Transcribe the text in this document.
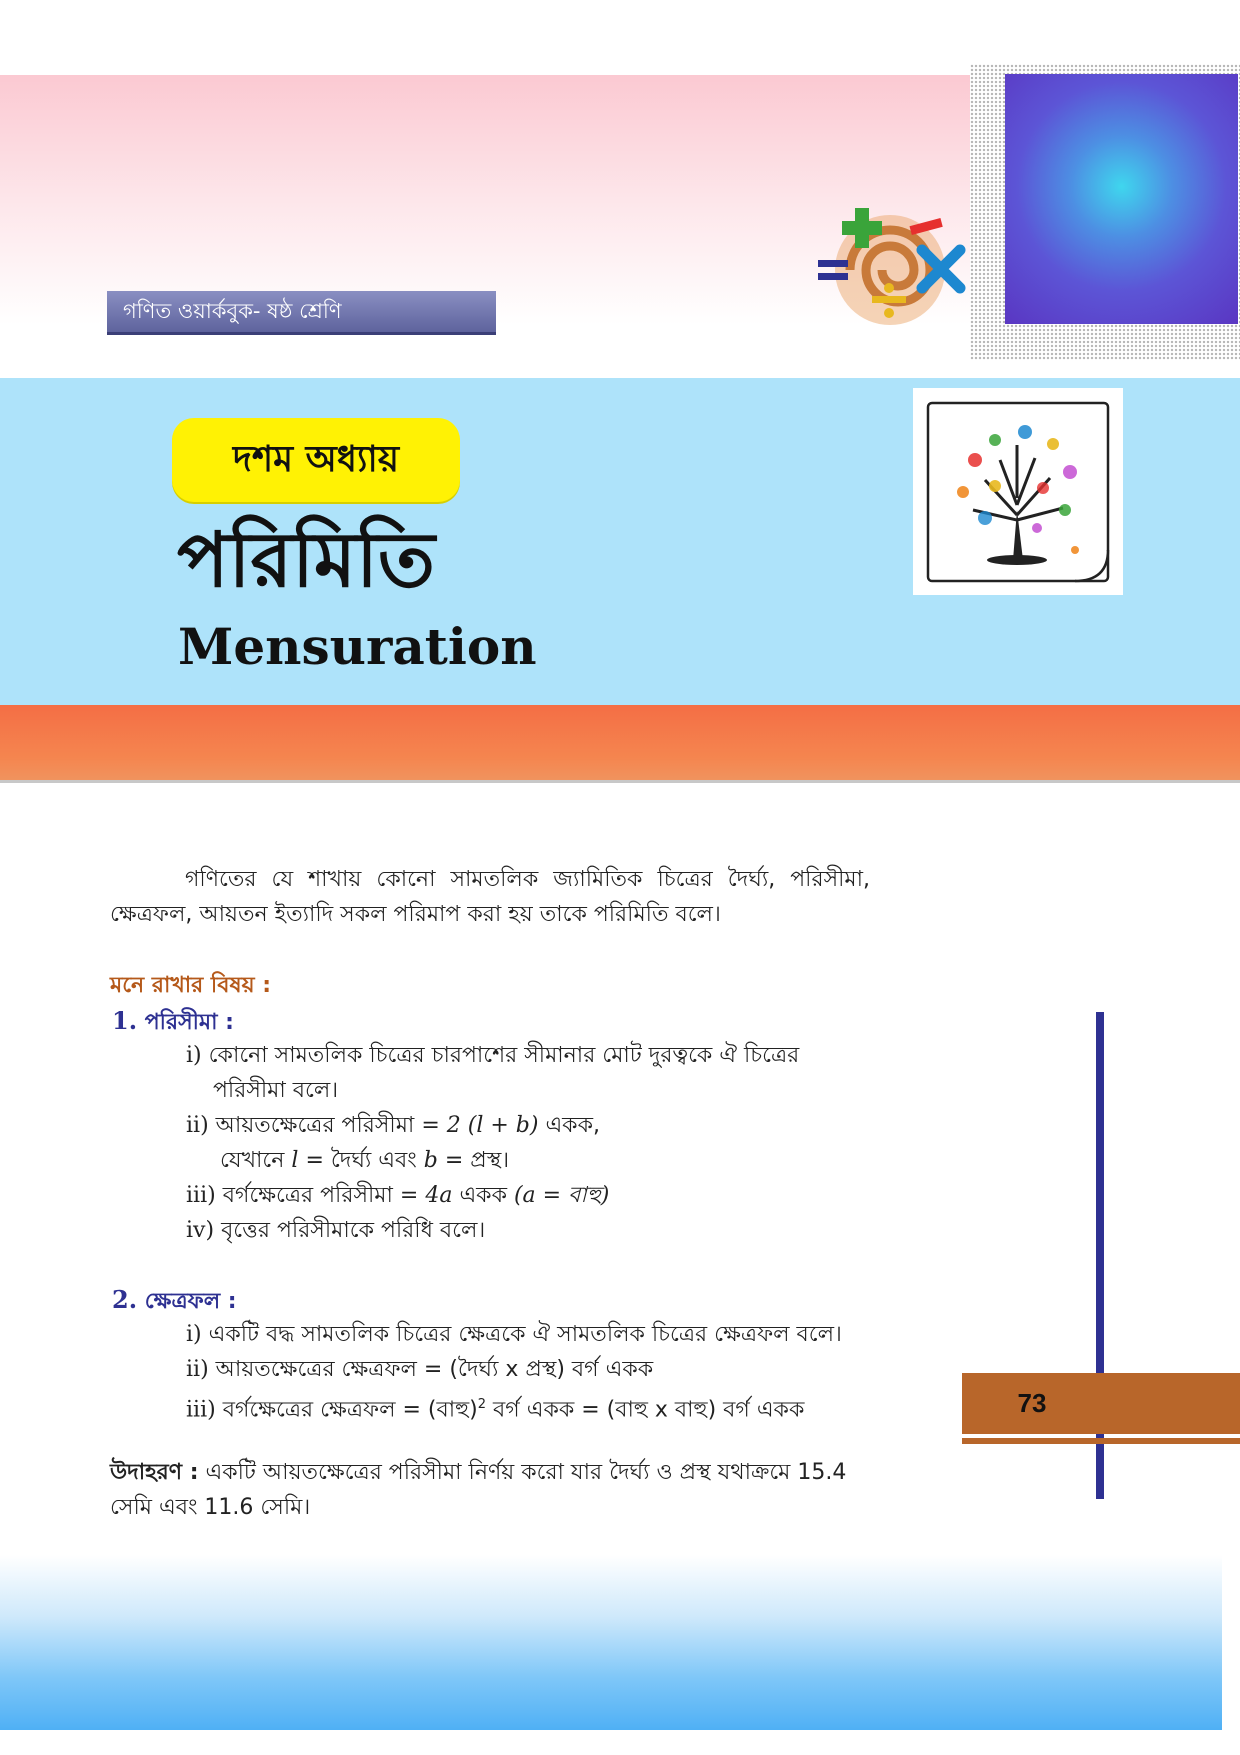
গণিত ওয়ার্কবুক- ষষ্ঠ শ্রেণি
দশম অধ্যায়
পরিমিতি
Mensuration
গণিতের যে শাখায় কোনো সামতলিক জ্যামিতিক চিত্রের দৈর্ঘ্য, পরিসীমা, ক্ষেত্রফল, আয়তন ইত্যাদি সকল পরিমাপ করা হয় তাকে পরিমিতি বলে।
মনে রাখার বিষয় :
1. পরিসীমা :
i) কোনো সামতলিক চিত্রের চারপাশের সীমানার মোট দুরত্বকে ঐ চিত্রের
পরিসীমা বলে।
ii) আয়তক্ষেত্রের পরিসীমা = 2 (l + b) একক,
যেখানে l = দৈর্ঘ্য এবং b = প্রস্থ।
iii) বর্গক্ষেত্রের পরিসীমা = 4a একক (a = বাহু)
iv) বৃত্তের পরিসীমাকে পরিধি বলে।
2. ক্ষেত্রফল :
i) একটি বদ্ধ সামতলিক চিত্রের ক্ষেত্রকে ঐ সামতলিক চিত্রের ক্ষেত্রফল বলে।
ii) আয়তক্ষেত্রের ক্ষেত্রফল = (দৈর্ঘ্য x প্রস্থ) বর্গ একক
iii) বর্গক্ষেত্রের ক্ষেত্রফল = (বাহু)$^2$ বর্গ একক = (বাহু x বাহু) বর্গ একক
উদাহরণ : একটি আয়তক্ষেত্রের পরিসীমা নির্ণয় করো যার দৈর্ঘ্য ও প্রস্থ যথাক্রমে 15.4 সেমি এবং 11.6 সেমি।
73
